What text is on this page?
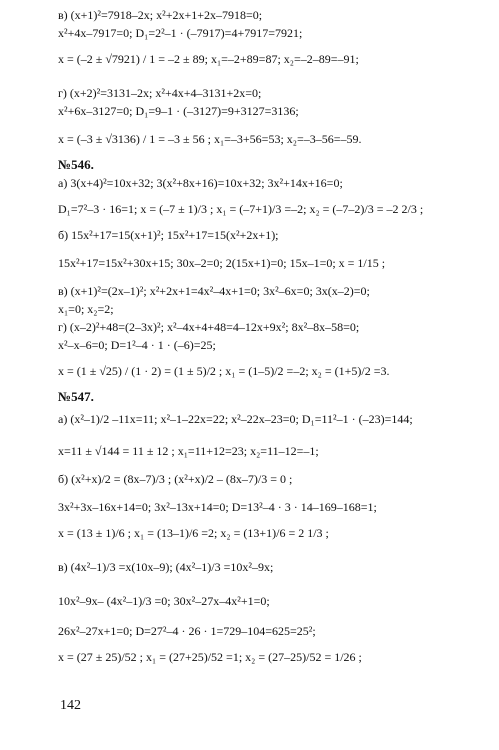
в) (x+1)²=7918–2x; x²+2x+1+2x–7918=0;
x²+4x–7917=0; D₁=2²–1 · (–7917)=4+7917=7921;
x = (–2 ± √7921) / 1 = –2 ± 89; x₁=–2+89=87; x₂=–2–89=–91;
г) (x+2)²=3131–2x; x²+4x+4–3131+2x=0;
x²+6x–3127=0; D₁=9–1 · (–3127)=9+3127=3136;
x = (–3 ± √3136) / 1 = –3 ± 56 ; x₁=–3+56=53; x₂=–3–56=–59.
№546.
а) 3(x+4)²=10x+32; 3(x²+8x+16)=10x+32; 3x²+14x+16=0;
D₁=7²–3 · 16=1; x = (–7 ± 1)/3 ; x₁ = (–7+1)/3 =–2; x₂ = (–7–2)/3 = –2 2/3 ;
б) 15x²+17=15(x+1)²; 15x²+17=15(x²+2x+1);
15x²+17=15x²+30x+15; 30x–2=0; 2(15x+1)=0; 15x–1=0; x = 1/15 ;
в) (x+1)²=(2x–1)²; x²+2x+1=4x²–4x+1=0; 3x²–6x=0; 3x(x–2)=0;
x₁=0; x₂=2;
г) (x–2)²+48=(2–3x)²; x²–4x+4+48=4–12x+9x²; 8x²–8x–58=0;
x²–x–6=0; D=1²–4 · 1 · (–6)=25;
x = (1 ± √25) / (1 · 2) = (1 ± 5)/2 ; x₁ = (1–5)/2 =–2; x₂ = (1+5)/2 =3.
№547.
а) (x²–1)/2 –11x=11; x²–1–22x=22; x²–22x–23=0; D₁=11²–1 · (–23)=144;
x=11 ± √144 = 11 ± 12 ; x₁=11+12=23; x₂=11–12=–1;
б) (x²+x)/2 = (8x–7)/3 ; (x²+x)/2 – (8x–7)/3 = 0 ;
3x²+3x–16x+14=0; 3x²–13x+14=0; D=13²–4 · 3 · 14–169–168=1;
x = (13 ± 1)/6 ; x₁ = (13–1)/6 =2; x₂ = (13+1)/6 = 2 1/3 ;
в) (4x²–1)/3 =x(10x–9); (4x²–1)/3 =10x²–9x;
10x²–9x– (4x²–1)/3 =0; 30x²–27x–4x²+1=0;
26x²–27x+1=0; D=27²–4 · 26 · 1=729–104=625=25²;
x = (27 ± 25)/52 ; x₁ = (27+25)/52 =1; x₂ = (27–25)/52 = 1/26 ;
142
